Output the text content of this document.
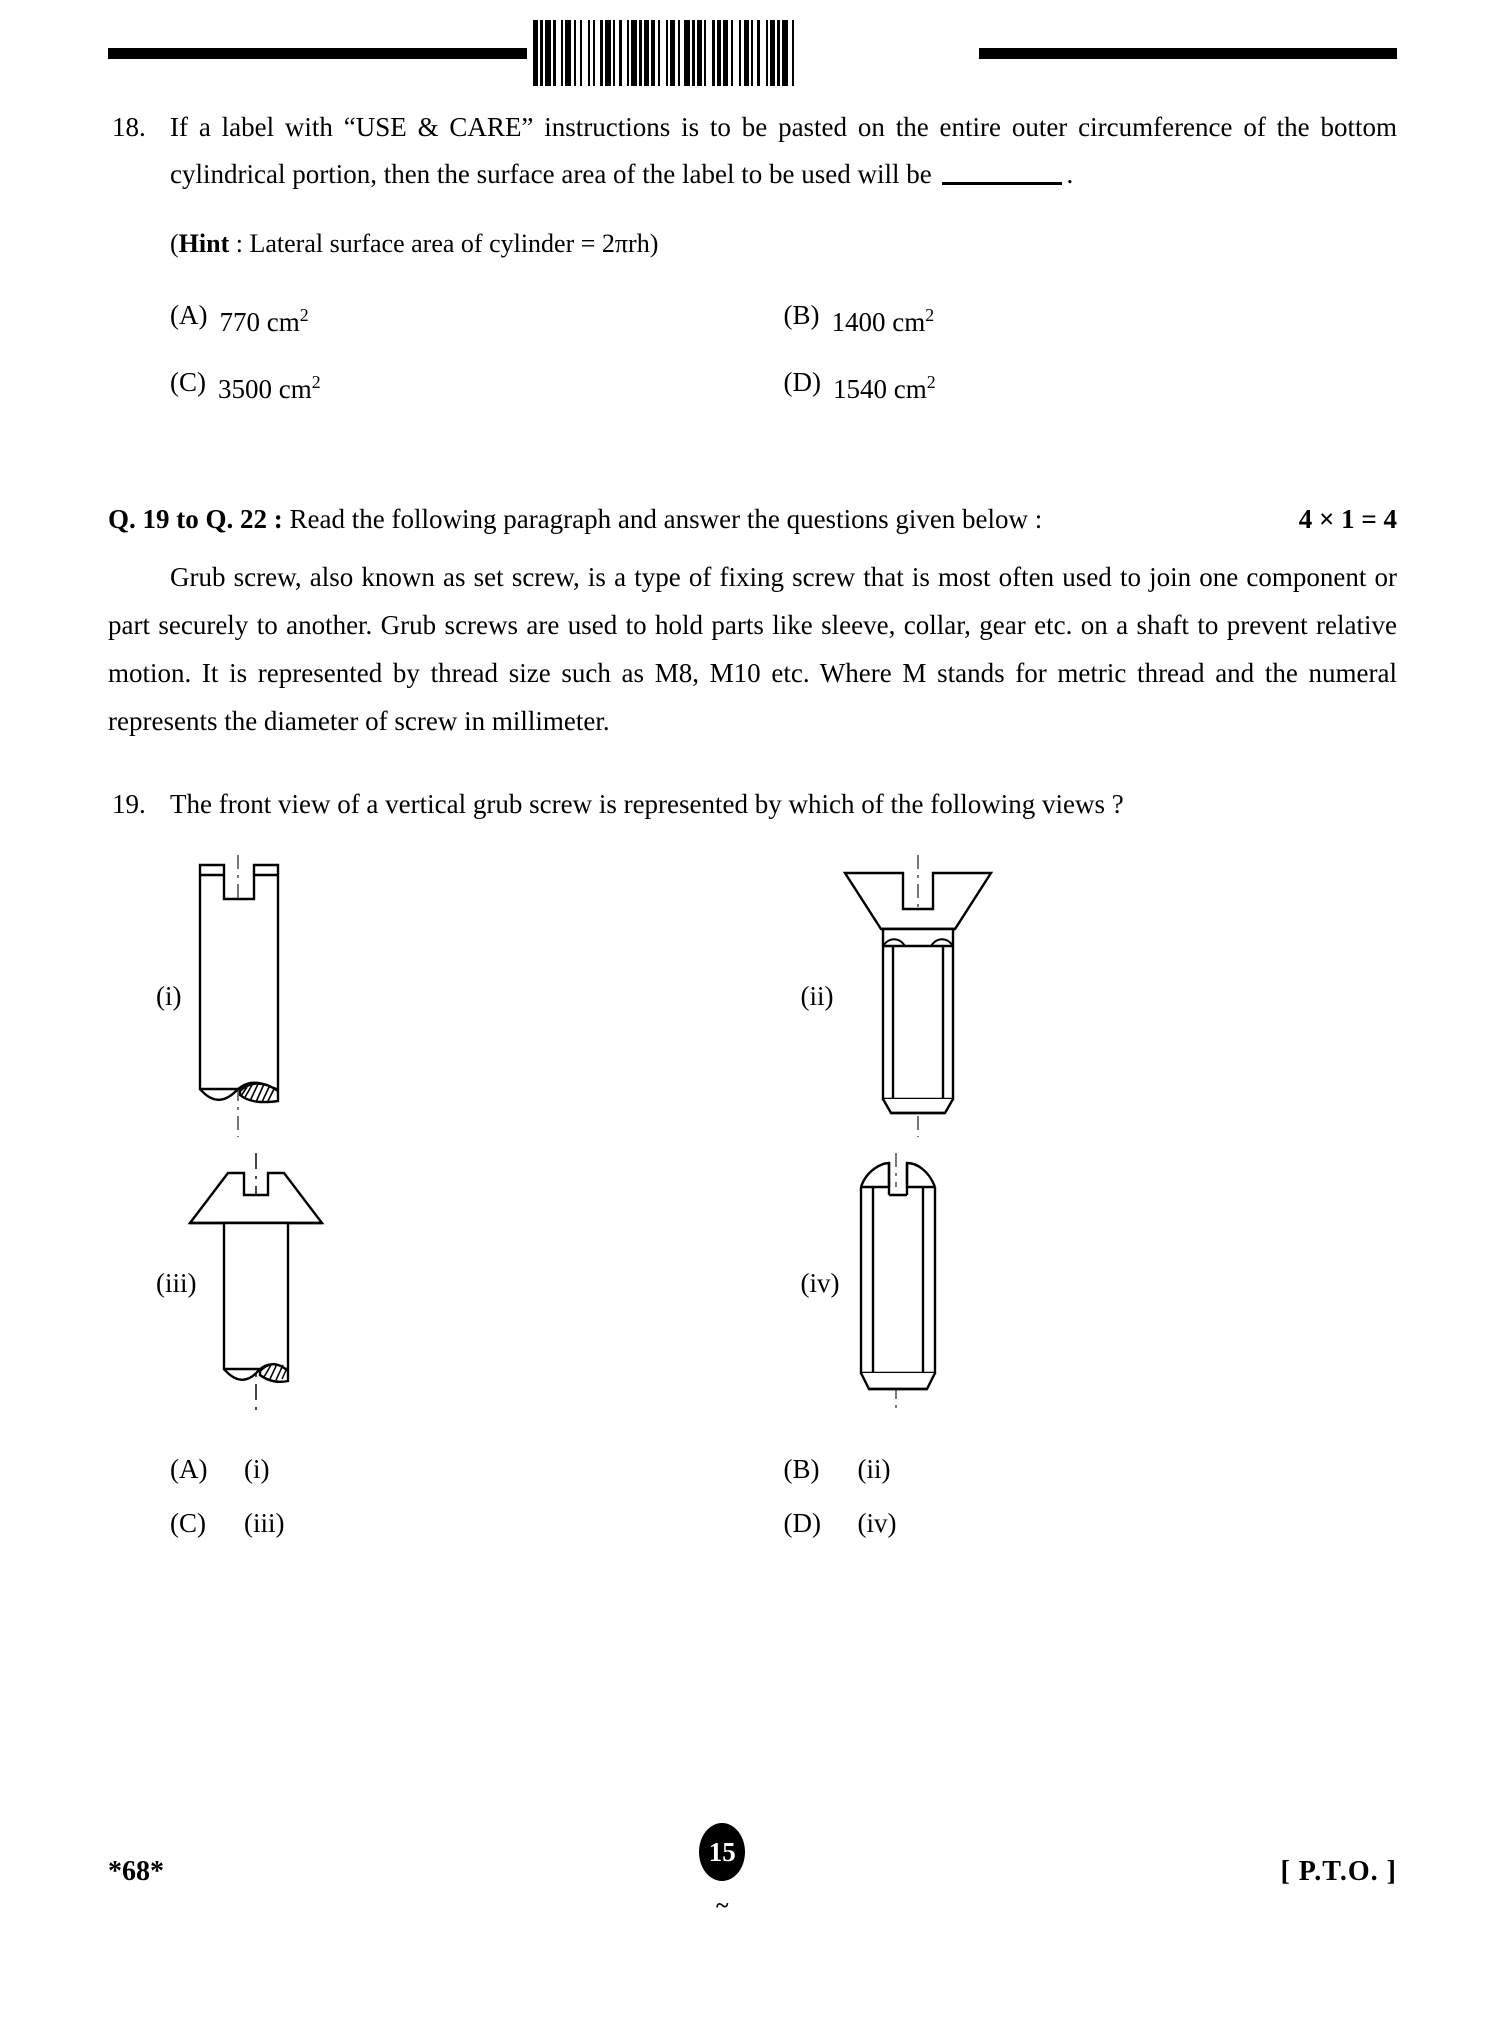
18. If a label with “USE & CARE” instructions is to be pasted on the entire outer circumference of the bottom cylindrical portion, then the surface area of the label to be used will be	.
(Hint : Lateral surface area of cylinder = 2πrh)
(A) 770 $cm^2$	(B) 1400 $cm^2$
(C) 3500 $cm^2$	(D) 1540 $cm^2$
Q. 19 to Q. 22 : Read the following paragraph and answer the questions given below :	4 × 1 = 4
Grub screw, also known as set screw, is a type of fixing screw that is most often used to join one component or part securely to another. Grub screws are used to hold parts like sleeve, collar, gear etc. on a shaft to prevent relative motion. It is represented by thread size such as M8, M10 etc. Where M stands for metric thread and the numeral represents the diameter of screw in millimeter.
19. The front view of a vertical grub screw is represented by which of the following views ?
(i)	(ii)
(iii)	(iv)
(A)	(i)	(B)	(ii)
(C)	(iii)	(D)	(iv)
*68*
15
~
[ P.T.O. ]
